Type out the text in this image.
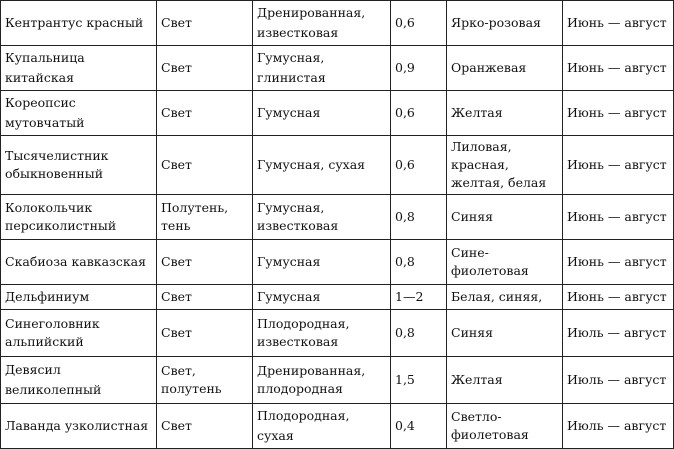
Кентрантус красный	Свет	Дренированная, известковая	0,6	Ярко-розовая	Июнь — август
Купальница китайская	Свет	Гумусная, глинистая	0,9	Оранжевая	Июнь — август
Кореопсис мутовчатый	Свет	Гумусная	0,6	Желтая	Июнь — август
Тысячелистник обыкновенный	Свет	Гумусная, сухая	0,6	Лиловая, красная, желтая, белая	Июнь — август
Колокольчик персиколистный	Полутень, тень	Гумусная, известковая	0,8	Синяя	Июнь — август
Скабиоза кавказская	Свет	Гумусная	0,8	Сине-фиолетовая	Июнь — август
Дельфиниум	Свет	Гумусная	1—2	Белая, синяя,	Июнь — август
Синеголовник альпийский	Свет	Плодородная, известковая	0,8	Синяя	Июль — август
Девясил великолепный	Свет, полутень	Дренированная, плодородная	1,5	Желтая	Июль — август
Лаванда узколистная	Свет	Плодородная, сухая	0,4	Светло-фиолетовая	Июль — август
